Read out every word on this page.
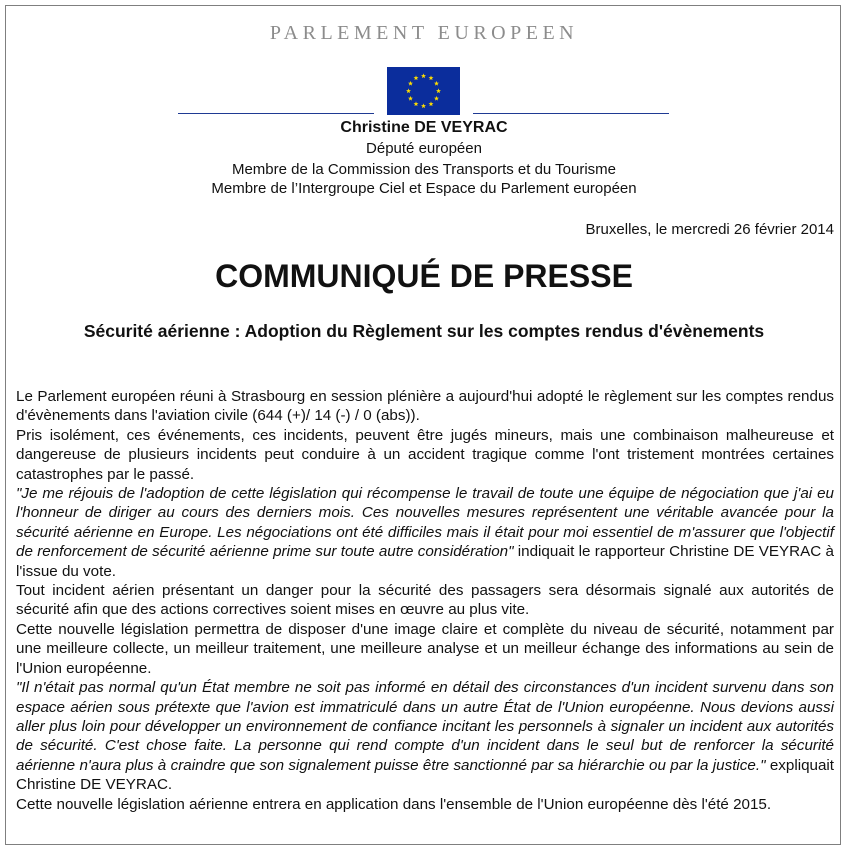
PARLEMENT EUROPEEN
Christine DE VEYRAC
Député européen
Membre de la Commission des Transports et du Tourisme
Membre de l’Intergroupe Ciel et Espace du Parlement européen
Bruxelles, le mercredi 26 février 2014
COMMUNIQUÉ DE PRESSE
Sécurité aérienne : Adoption du Règlement sur les comptes rendus d'évènements

Le Parlement européen réuni à Strasbourg en session plénière a aujourd'hui adopté le règlement sur les comptes rendus d'évènements dans l'aviation civile (644 (+)/ 14 (-) / 0 (abs)).

Pris isolément, ces événements, ces incidents, peuvent être jugés mineurs, mais une combinaison malheureuse et dangereuse de plusieurs incidents peut conduire à un accident tragique comme l'ont tristement montrées certaines catastrophes par le passé.

"Je me réjouis de l'adoption de cette législation qui récompense le travail de toute une équipe de négociation que j'ai eu l'honneur de diriger au cours des derniers mois. Ces nouvelles mesures représentent une véritable avancée pour la sécurité aérienne en Europe. Les négociations ont été difficiles mais il était pour moi essentiel de m'assurer que l'objectif de renforcement de sécurité aérienne prime sur toute autre considération" indiquait le rapporteur Christine DE VEYRAC à l'issue du vote.

Tout incident aérien présentant un danger pour la sécurité des passagers sera désormais signalé aux autorités de sécurité afin que des actions correctives soient mises en œuvre au plus vite.

Cette nouvelle législation permettra de disposer d'une image claire et complète du niveau de sécurité, notamment par une meilleure collecte, un meilleur traitement, une meilleure analyse et un meilleur échange des informations au sein de l'Union européenne.

"Il n'était pas normal qu'un État membre ne soit pas informé en détail des circonstances d'un incident survenu dans son espace aérien sous prétexte que l'avion est immatriculé dans un autre État de l'Union européenne. Nous devions aussi aller plus loin pour développer un environnement de confiance incitant les personnels à signaler un incident aux autorités de sécurité. C'est chose faite. La personne qui rend compte d'un incident dans le seul but de renforcer la sécurité aérienne n'aura plus à craindre que son signalement puisse être sanctionné par sa hiérarchie ou par la justice." expliquait Christine DE VEYRAC.

Cette nouvelle législation aérienne entrera en application dans l'ensemble de l'Union européenne dès l'été 2015.
